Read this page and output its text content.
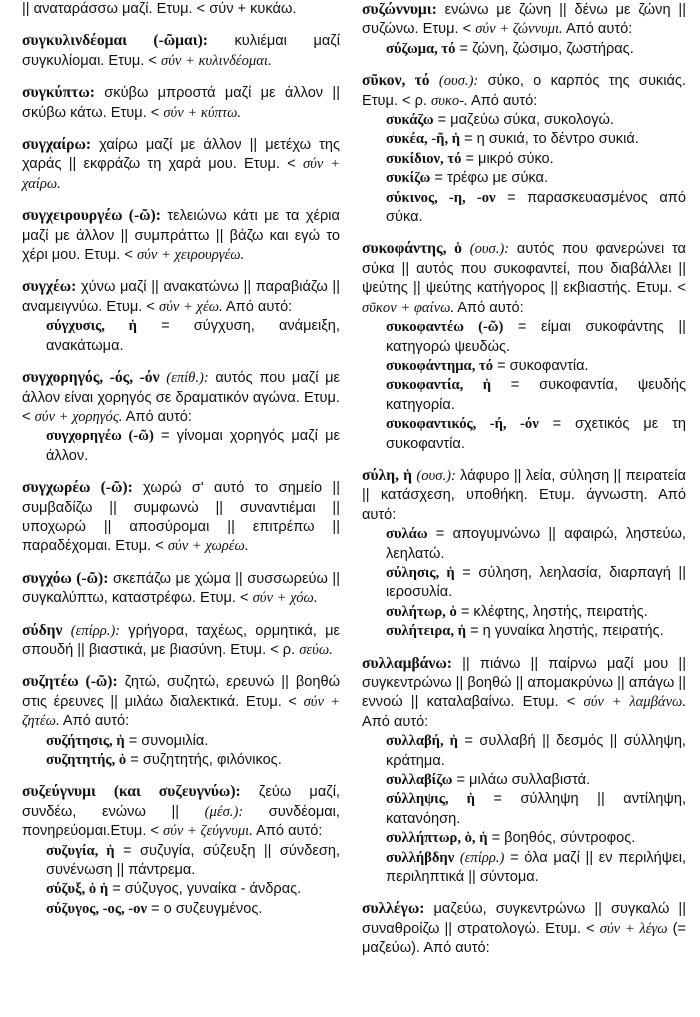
|| αναταράσσω μαζί. Ετυμ. < σύν + κυκάω.

συγκυλινδέομαι (-ῶμαι): κυλιέμαι μαζί συγκυλίομαι. Ετυμ. < σύν + κυλινδέομαι.

συγκύπτω: σκύβω μπροστά μαζί με άλλον || σκύβω κάτω. Ετυμ. < σύν + κύπτω.

συγχαίρω: χαίρω μαζί με άλλον || μετέχω της χαράς || εκφράζω τη χαρά μου. Ετυμ. < σύν + χαίρω.

συγχειρουργέω (-ῶ): τελειώνω κάτι με τα χέρια μαζί με άλλον || συμπράττω || βάζω και εγώ το χέρι μου. Ετυμ. < σύν + χειρουργέω.

συγχέω: χύνω μαζί || ανακατώνω || παραβιάζω || αναμειγνύω. Ετυμ. < σύν + χέω. Από αυτό:
σύγχυσις, ἡ = σύγχυση, ανάμειξη, ανακάτωμα.

συγχορηγός, -ός, -όν (επίθ.): αυτός που μαζί με άλλον είναι χορηγός σε δραματικόν αγώνα. Ετυμ. < σύν + χορηγός. Από αυτό:
συγχορηγέω (-ῶ) = γίνομαι χορηγός μαζί με άλλον.

συγχωρέω (-ῶ): χωρώ σ' αυτό το σημείο || συμβαδίζω || συμφωνώ || συναντιέμαι || υποχωρώ || αποσύρομαι || επιτρέπω || παραδέχομαι. Ετυμ. < σύν + χωρέω.

συγχόω (-ῶ): σκεπάζω με χώμα || συσσωρεύω || συγκαλύπτω, καταστρέφω. Ετυμ. < σύν + χόω.

σύδην (επίρρ.): γρήγορα, ταχέως, ορμητικά, με σπουδή || βιαστικά, με βιασύνη. Ετυμ. < ρ. σεύω.

συζητέω (-ῶ): ζητώ, συζητώ, ερευνώ || βοηθώ στις έρευνες || μιλάω διαλεκτικά. Ετυμ. < σύν + ζητέω. Από αυτό:
συζήτησις, ἡ = συνομιλία.
συζητητής, ὁ = συζητητής, φιλόνικος.

συζεύγνυμι (και συζευγνύω): ζεύω μαζί, συνδέω, ενώνω || (μέσ.): συνδέομαι, πονηρεύομαι.Ετυμ. < σύν + ζεύγνυμι. Από αυτό:
συζυγία, ἡ = συζυγία, σύζευξη || σύνδεση, συνένωση || πάντρεμα.
σύζυξ, ὁ ἡ = σύζυγος, γυναίκα - άνδρας.
σύζυγος, -ος, -ον = ο συζευγμένος.

συζώννυμι: ενώνω με ζώνη || δένω με ζώνη || συζώνω. Ετυμ. < σύν + ζώννυμι. Από αυτό:
σύζωμα, τό = ζώνη, ζώσιμο, ζωστήρας.

σῦκον, τό (ουσ.): σύκο, ο καρπός της συκιάς. Ετυμ. < ρ. συκο-. Από αυτό:
συκάζω = μαζεύω σύκα, συκολογώ.
συκέα, -ῆ, ἡ = η συκιά, το δέντρο συκιά.
συκίδιον, τό = μικρό σύκο.
συκίζω = τρέφω με σύκα.
σύκινος, -η, -ον = παρασκευασμένος από σύκα.

συκοφάντης, ὁ (ουσ.): αυτός που φανερώνει τα σύκα || αυτός που συκοφαντεί, που διαβάλλει || ψεύτης || ψεύτης κατήγορος || εκβιαστής. Ετυμ. < σῦκον + φαίνω. Από αυτό:
συκοφαντέω (-ῶ) = είμαι συκοφάντης || κατηγορώ ψευδώς.
συκοφάντημα, τό = συκοφαντία.
συκοφαντία, ἡ = συκοφαντία, ψευδής κατηγορία.
συκοφαντικός, -ή, -όν = σχετικός με τη συκοφαντία.

σύλη, ἡ (ουσ.): λάφυρο || λεία, σύληση || πειρατεία || κατάσχεση, υποθήκη. Ετυμ. άγνωστη. Από αυτό:
συλάω = απογυμνώνω || αφαιρώ, ληστεύω, λεηλατώ.
σύλησις, ἡ = σύληση, λεηλασία, διαρπαγή || ιεροσυλία.
συλήτωρ, ὁ = κλέφτης, ληστής, πειρατής.
συλήτειρα, ἡ = η γυναίκα ληστής, πειρατής.

συλλαμβάνω: || πιάνω || παίρνω μαζί μου || συγκεντρώνω || βοηθώ || απομακρύνω || απάγω || εννοώ || καταλαβαίνω. Ετυμ. < σύν + λαμβάνω. Από αυτό:
συλλαβή, ἡ = συλλαβή || δεσμός || σύλληψη, κράτημα.
συλλαβίζω = μιλάω συλλαβιστά.
σύλληψις, ἡ = σύλληψη || αντίληψη, κατανόηση.
συλλήπτωρ, ὁ, ἡ = βοηθός, σύντροφος.
συλλήβδην (επίρρ.) = όλα μαζί || εν περιλήψει, περιληπτικά || σύντομα.

συλλέγω: μαζεύω, συγκεντρώνω || συγκαλώ || συναθροίζω || στρατολογώ. Ετυμ. < σύν + λέγω (= μαζεύω). Από αυτό:
